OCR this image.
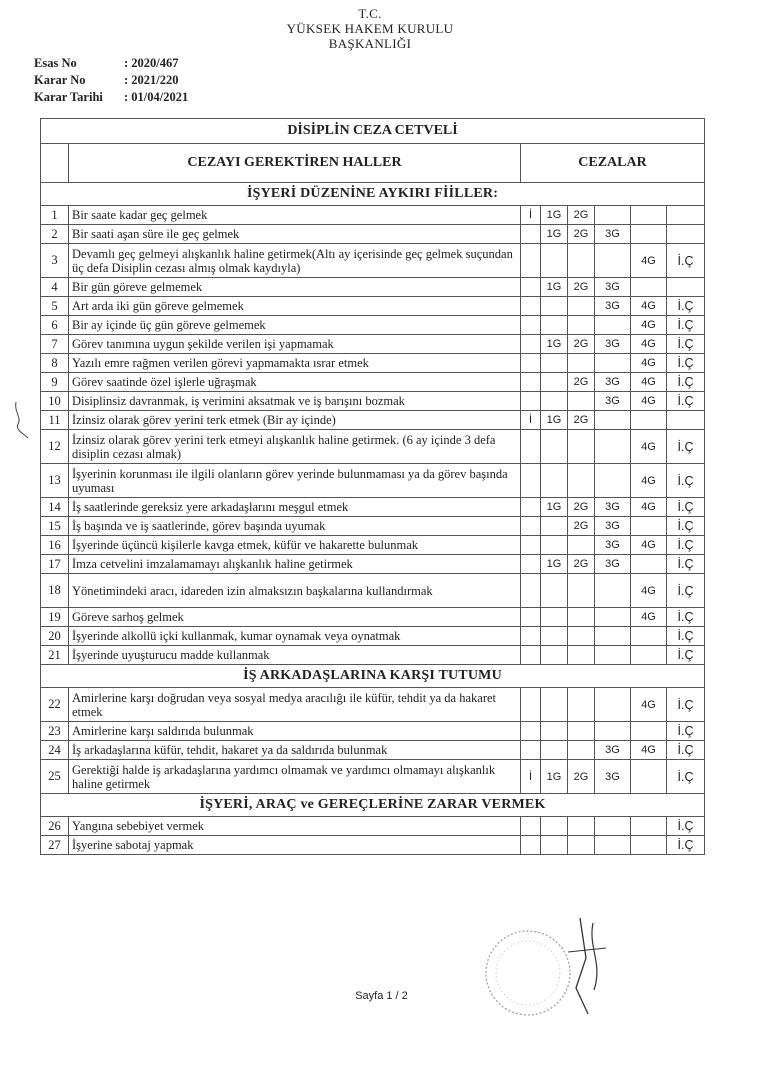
T.C.
YÜKSEK HAKEM KURULU
BAŞKANLIĞI
Esas No	: 2020/467
Karar No	: 2021/220
Karar Tarihi	: 01/04/2021
DİSİPLİN CEZA CETVELİ							
	CEZAYI GEREKTİREN HALLER	CEZALAR					
İŞYERİ DÜZENİNE AYKIRI FİİLLER:							
1	Bir saate kadar geç gelmek	İ	1G	2G			
2	Bir saati aşan süre ile geç gelmek		1G	2G	3G		
3	Devamlı geç gelmeyi alışkanlık haline getirmek(Altı ay içerisinde geç gelmek suçundan üç defa Disiplin cezası almış olmak kaydıyla)					4G	İ.Ç
4	Bir gün göreve gelmemek		1G	2G	3G		
5	Art arda iki gün göreve gelmemek				3G	4G	İ.Ç
6	Bir ay içinde üç gün göreve gelmemek					4G	İ.Ç
7	Görev tanımına uygun şekilde verilen işi yapmamak		1G	2G	3G	4G	İ.Ç
8	Yazılı emre rağmen verilen görevi yapmamakta ısrar etmek					4G	İ.Ç
9	Görev saatinde özel işlerle uğraşmak			2G	3G	4G	İ.Ç
10	Disiplinsiz davranmak, iş verimini aksatmak ve iş barışını bozmak				3G	4G	İ.Ç
11	İzinsiz olarak görev yerini terk etmek (Bir ay içinde)	İ	1G	2G			
12	İzinsiz olarak görev yerini terk etmeyi alışkanlık haline getirmek. (6 ay içinde 3 defa disiplin cezası almak)					4G	İ.Ç
13	İşyerinin korunması ile ilgili olanların görev yerinde bulunmaması ya da görev başında uyuması					4G	İ.Ç
14	İş saatlerinde gereksiz yere arkadaşlarını meşgul etmek		1G	2G	3G	4G	İ.Ç
15	İş başında ve iş saatlerinde, görev başında uyumak			2G	3G		İ.Ç
16	İşyerinde üçüncü kişilerle kavga etmek, küfür ve hakarette bulunmak				3G	4G	İ.Ç
17	İmza cetvelini imzalamamayı alışkanlık haline getirmek		1G	2G	3G		İ.Ç
18	Yönetimindeki aracı, idareden izin almaksızın başkalarına kullandırmak					4G	İ.Ç
19	Göreve sarhoş gelmek					4G	İ.Ç
20	İşyerinde alkollü içki kullanmak, kumar oynamak veya oynatmak						İ.Ç
21	İşyerinde uyuşturucu madde kullanmak						İ.Ç
İŞ ARKADAŞLARINA KARŞI TUTUMU							
22	Amirlerine karşı doğrudan veya sosyal medya aracılığı ile küfür, tehdit ya da hakaret etmek					4G	İ.Ç
23	Amirlerine karşı saldırıda bulunmak						İ.Ç
24	İş arkadaşlarına küfür, tehdit, hakaret ya da saldırıda bulunmak				3G	4G	İ.Ç
25	Gerektiği halde iş arkadaşlarına yardımcı olmamak ve yardımcı olmamayı alışkanlık haline getirmek	İ	1G	2G	3G		İ.Ç
İŞYERİ, ARAÇ ve GEREÇLERİNE ZARAR VERMEK							
26	Yangına sebebiyet vermek						İ.Ç
27	İşyerine sabotaj yapmak						İ.Ç
Sayfa 1 / 2
